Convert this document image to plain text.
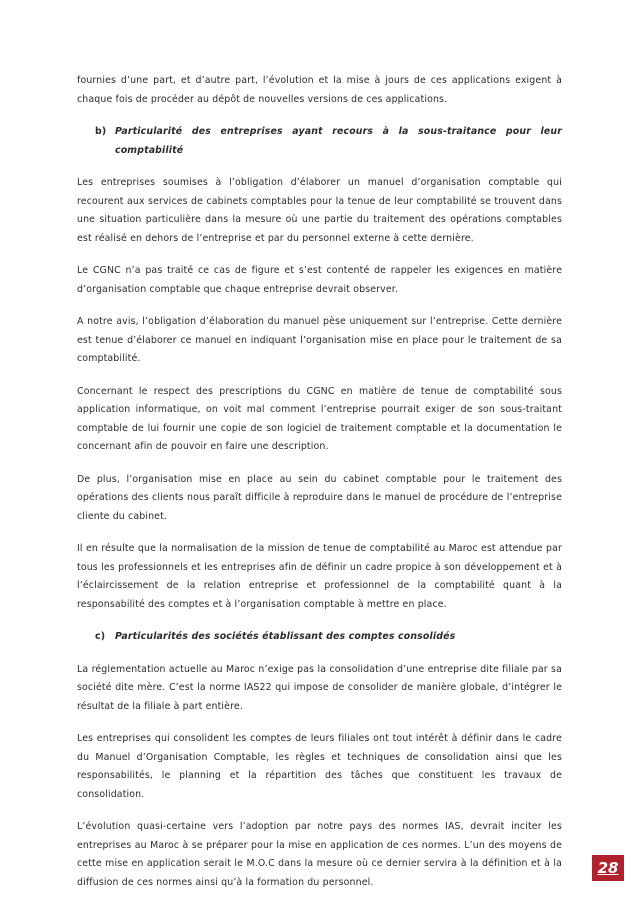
fournies d’une part, et d’autre part, l’évolution et la mise à jours de ces applications exigent à chaque fois de procéder au dépôt de nouvelles versions de ces applications.

b) Particularité des entreprises ayant recours à la sous-traitance pour leur comptabilité

Les entreprises soumises à l’obligation d’élaborer un manuel d’organisation comptable qui recourent aux services de cabinets comptables pour la tenue de leur comptabilité se trouvent dans une situation particulière dans la mesure où une partie du traitement des opérations comptables est réalisé en dehors de l’entreprise et par du personnel externe à cette dernière.

Le CGNC n’a pas traité ce cas de figure et s’est contenté de rappeler les exigences en matière d’organisation comptable que chaque entreprise devrait observer.

A notre avis, l’obligation d’élaboration du manuel pèse uniquement sur l’entreprise. Cette dernière est tenue d’élaborer ce manuel en indiquant l’organisation mise en place pour le traitement de sa comptabilité.

Concernant le respect des prescriptions du CGNC en matière de tenue de comptabilité sous application informatique, on voit mal comment l’entreprise pourrait exiger de son sous-traitant comptable de lui fournir une copie de son logiciel de traitement comptable et la documentation le concernant afin de pouvoir en faire une description.

De plus, l’organisation mise en place au sein du cabinet comptable pour le traitement des opérations des clients nous paraît difficile à reproduire dans le manuel de procédure de l’entreprise cliente du cabinet.

Il en résulte que la normalisation de la mission de tenue de comptabilité au Maroc est attendue par tous les professionnels et les entreprises afin de définir un cadre propice à son développement et à l’éclaircissement de la relation entreprise et professionnel de la comptabilité quant à la responsabilité des comptes et à l’organisation comptable à mettre en place.

c)	Particularités des sociétés établissant des comptes consolidés

La réglementation actuelle au Maroc n’exige pas la consolidation d’une entreprise dite filiale par sa société dite mère. C’est la norme IAS22 qui impose de consolider de manière globale, d’intégrer le résultat de la filiale à part entière.

Les entreprises qui consolident les comptes de leurs filiales ont tout intérêt à définir dans le cadre du Manuel d’Organisation Comptable, les règles et techniques de consolidation ainsi que les responsabilités, le planning et la répartition des tâches que constituent les travaux de consolidation.

L’évolution quasi-certaine vers l’adoption par notre pays des normes IAS, devrait inciter les entreprises au Maroc à se préparer pour la mise en application de ces normes. L’un des moyens de cette mise en application serait le M.O.C dans la mesure où ce dernier servira à la définition et à la diffusion de ces normes ainsi qu’à la formation du personnel.

28
